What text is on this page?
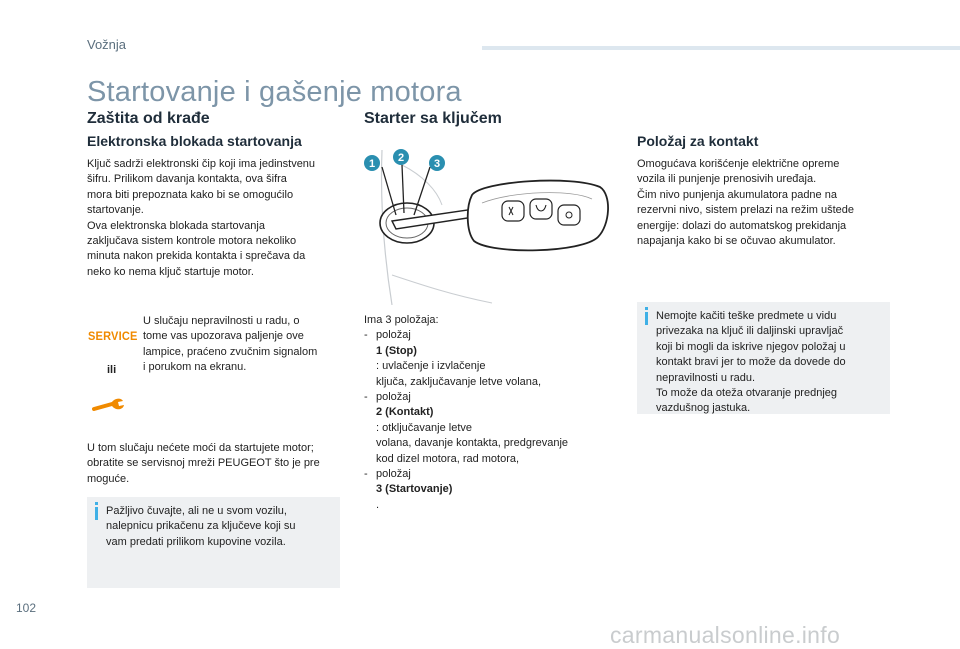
Vožnja
Startovanje i gašenje motora
Zaštita od krađe
Elektronska blokada startovanja
Ključ sadrži elektronski čip koji ima jedinstvenu
šifru. Prilikom davanja kontakta, ova šifra
mora biti prepoznata kako bi se omogućilo
startovanje.
Ova elektronska blokada startovanja
zaključava sistem kontrole motora nekoliko
minuta nakon prekida kontakta i sprečava da
neko ko nema ključ startuje motor.
SERVICE
ili
U slučaju nepravilnosti u radu, o
tome vas upozorava paljenje ove
lampice, praćeno zvučnim signalom
i porukom na ekranu.
U tom slučaju nećete moći da startujete motor;
obratite se servisnoj mreži PEUGEOT što je pre
moguće.
Pažljivo čuvajte, ali ne u svom vozilu,
nalepnicu prikačenu za ključeve koji su
vam predati prilikom kupovine vozila.
Starter sa ključem
1 2	3
Ima 3 položaja:
- položaj
1 (Stop)
: uvlačenje i izvlačenje
ključa, zaključavanje letve volana,
- položaj
2 (Kontakt)
: otključavanje letve
volana, davanje kontakta, predgrevanje
kod dizel motora, rad motora,
- položaj
3 (Startovanje)
.
Položaj za kontakt
Omogućava korišćenje električne opreme
vozila ili punjenje prenosivih uređaja.
Čim nivo punjenja akumulatora padne na
rezervni nivo, sistem prelazi na režim uštede
energije: dolazi do automatskog prekidanja
napajanja kako bi se očuvao akumulator.
Nemojte kačiti teške predmete u vidu
privezaka na ključ ili daljinski upravljač
koji bi mogli da iskrive njegov položaj u
kontakt bravi jer to može da dovede do
nepravilnosti u radu.
To može da oteža otvaranje prednjeg
vazdušnog jastuka.
102
carmanualsonline.info
